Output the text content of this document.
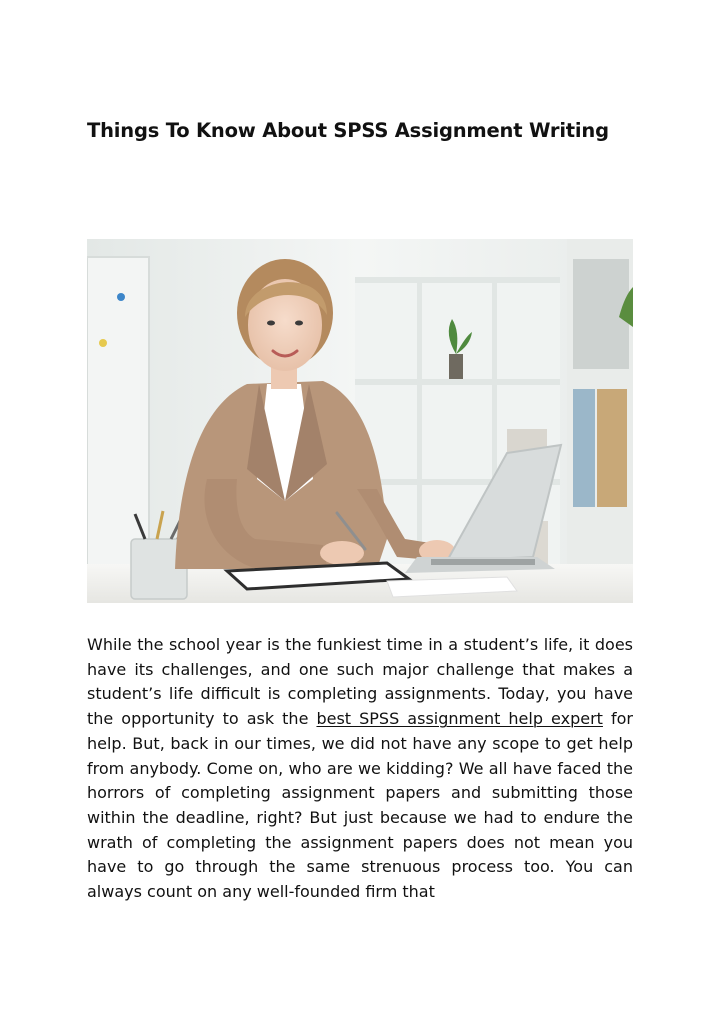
Things To Know About SPSS Assignment Writing

While the school year is the funkiest time in a student’s life, it does have its challenges, and one such major challenge that makes a student’s life difficult is completing assignments. Today, you have the opportunity to ask the best SPSS assignment help expert for help. But, back in our times, we did not have any scope to get help from anybody. Come on, who are we kidding? We all have faced the horrors of completing assignment papers and submitting those within the deadline, right? But just because we had to endure the wrath of completing the assignment papers does not mean you have to go through the same strenuous process too. You can always count on any well-founded firm that
